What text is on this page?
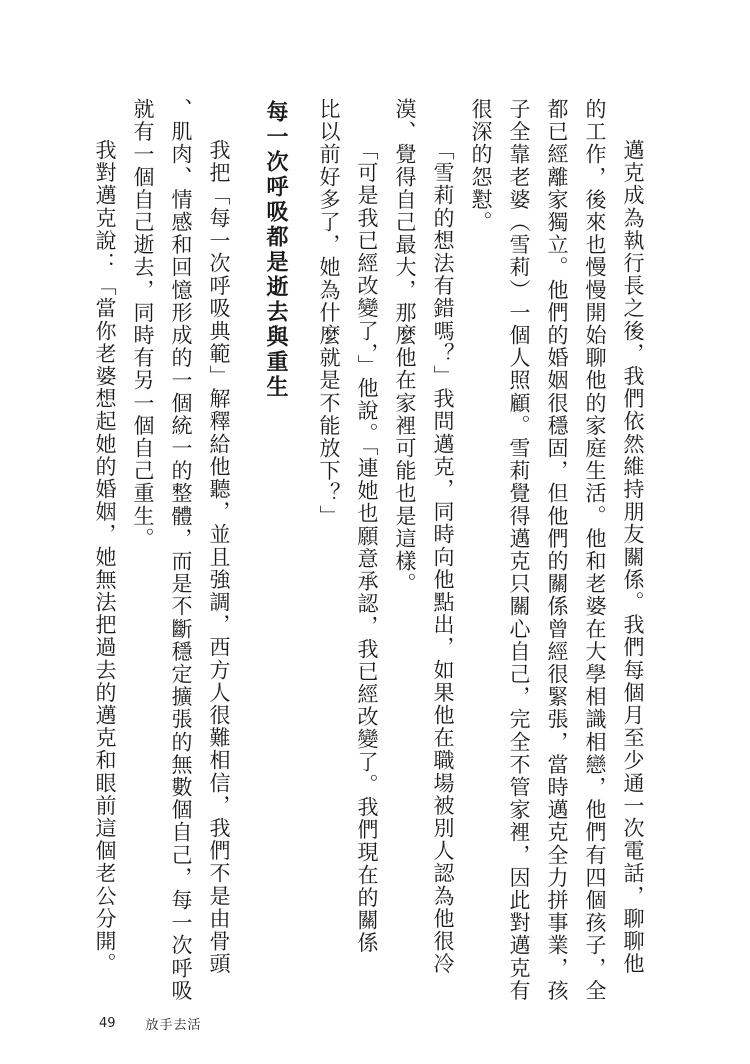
邁克成為執行長之後，我們依然維持朋友關係。我們每個月至少通一次電話，聊聊他
的工作，後來也慢慢開始聊他的家庭生活。他和老婆在大學相識相戀，他們有四個孩子，全
都已經離家獨立。他們的婚姻很穩固，但他們的關係曾經很緊張，當時邁克全力拼事業，孩
子全靠老婆（雪莉）一個人照顧。雪莉覺得邁克只關心自己，完全不管家裡，因此對邁克有
很深的怨懟。
「雪莉的想法有錯嗎？」我問邁克，同時向他點出，如果他在職場被別人認為他很冷
漠、覺得自己最大，那麼他在家裡可能也是這樣。
「可是我已經改變了，」他說。「連她也願意承認，我已經改變了。我們現在的關係
比以前好多了，她為什麼就是不能放下？」
每一次呼吸都是逝去與重生
我把「每一次呼吸典範」解釋給他聽，並且強調，西方人很難相信，我們不是由骨頭
、肌肉、情感和回憶形成的一個統一的整體，而是不斷穩定擴張的無數個自己，每一次呼吸
就有一個自己逝去，同時有另一個自己重生。
我對邁克說：「當你老婆想起她的婚姻，她無法把過去的邁克和眼前這個老公分開。
49 放手去活
